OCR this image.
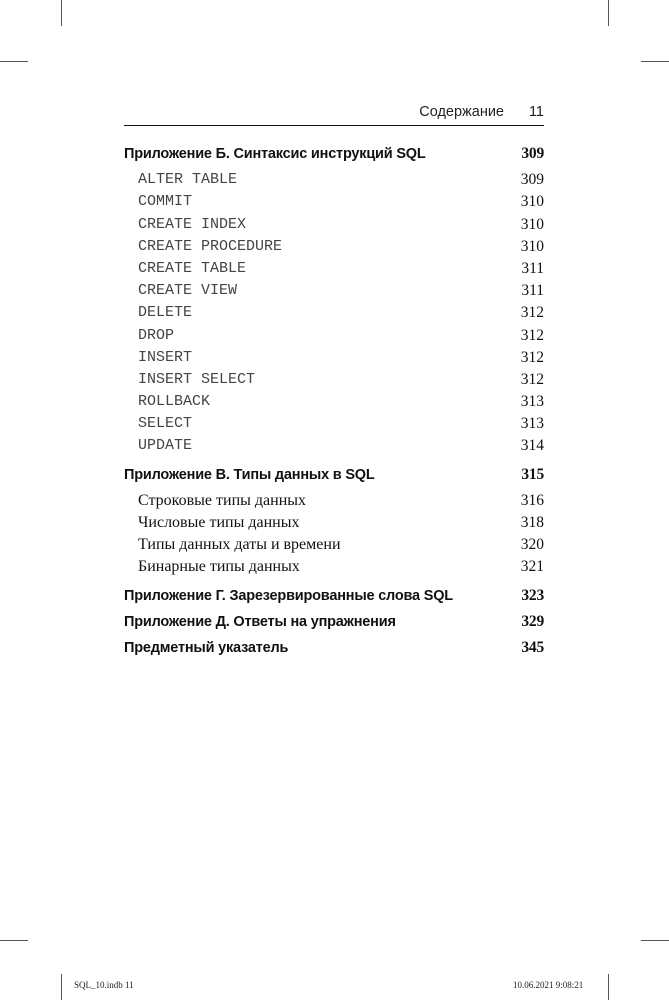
Содержание 11
Приложение Б. Синтаксис инструкций SQL	309
ALTER TABLE	309
COMMIT	310
CREATE INDEX	310
CREATE PROCEDURE	310
CREATE TABLE	311
CREATE VIEW	311
DELETE	312
DROP	312
INSERT	312
INSERT SELECT	312
ROLLBACK	313
SELECT	313
UPDATE	314
Приложение В. Типы данных в SQL	315
Строковые типы данных	316
Числовые типы данных	318
Типы данных даты и времени	320
Бинарные типы данных	321
Приложение Г. Зарезервированные слова SQL	323
Приложение Д. Ответы на упражнения	329
Предметный указатель	345
SQL_10.indb 11	10.06.2021 9:08:21
